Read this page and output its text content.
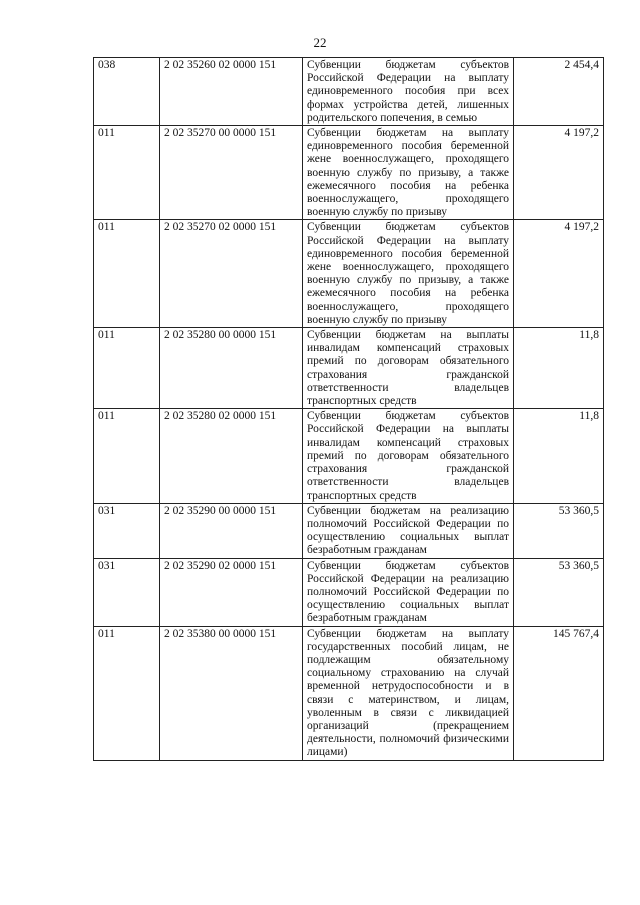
22
038	2 02 35260 02 0000 151	Субвенции бюджетам субъектов Российской Федерации на выплату единовременного пособия при всех формах устройства детей, лишенных родительского попечения, в семью	2 454,4
011	2 02 35270 00 0000 151	Субвенции бюджетам на выплату единовременного пособия беременной жене военнослужащего, проходящего военную службу по призыву, а также ежемесячного пособия на ребенка военнослужащего, проходящего военную службу по призыву	4 197,2
011	2 02 35270 02 0000 151	Субвенции бюджетам субъектов Российской Федерации на выплату единовременного пособия беременной жене военнослужащего, проходящего военную службу по призыву, а также ежемесячного пособия на ребенка военнослужащего, проходящего военную службу по призыву	4 197,2
011	2 02 35280 00 0000 151	Субвенции бюджетам на выплаты инвалидам компенсаций страховых премий по договорам обязательного страхования гражданской ответственности владельцев транспортных средств	11,8
011	2 02 35280 02 0000 151	Субвенции бюджетам субъектов Российской Федерации на выплаты инвалидам компенсаций страховых премий по договорам обязательного страхования гражданской ответственности владельцев транспортных средств	11,8
031	2 02 35290 00 0000 151	Субвенции бюджетам на реализацию полномочий Российской Федерации по осуществлению социальных выплат безработным гражданам	53 360,5
031	2 02 35290 02 0000 151	Субвенции бюджетам субъектов Российской Федерации на реализацию полномочий Российской Федерации по осуществлению социальных выплат безработным гражданам	53 360,5
011	2 02 35380 00 0000 151	Субвенции бюджетам на выплату государственных пособий лицам, не подлежащим обязательному социальному страхованию на случай временной нетрудоспособности и в связи с материнством, и лицам, уволенным в связи с ликвидацией организаций (прекращением деятельности, полномочий физическими лицами)	145 767,4
